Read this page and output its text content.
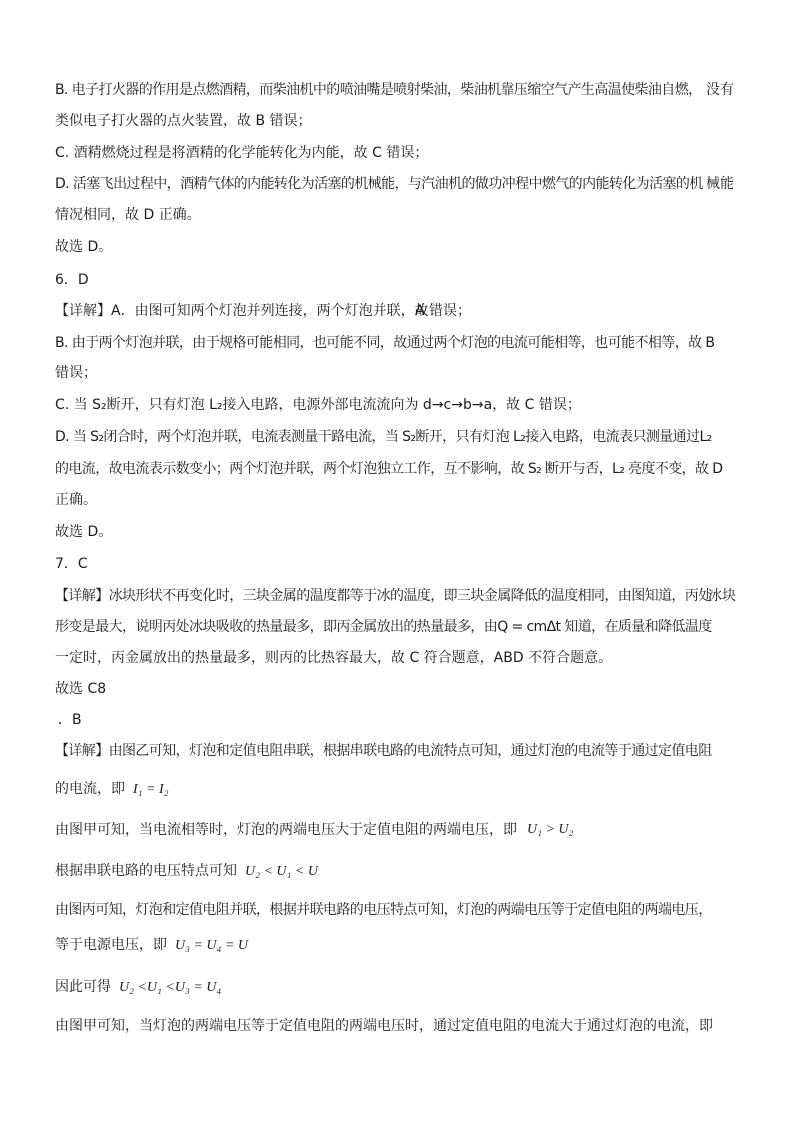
B. 电子打火器的作用是点燃酒精，而柴油机中的喷油嘴是喷射柴油，柴油机靠压缩空气产生高温使柴油自燃， 没有
类似电子打火器的点火装置，故 B 错误；
C. 酒精燃烧过程是将酒精的化学能转化为内能，故 C 错误；
D. 活塞飞出过程中，酒精气体的内能转化为活塞的机械能，与汽油机的做功冲程中燃气的内能转化为活塞的机 械能
情况相同，故 D 正确。
故选 D。
6．D
【详解】A．由图可知两个灯泡并列连接，两个灯泡并联，故
A 错误；
B. 由于两个灯泡并联，由于规格可能相同，也可能不同，故通过两个灯泡的电流可能相等，也可能不相等，故 B
错误；
C. 当 S₂断开，只有灯泡 L₂接入电路，电源外部电流流向为 d→c→b→a，故 C 错误；
D. 当 S₂闭合时，两个灯泡并联，电流表测量干路电流，当 S₂断开，只有灯泡 L₂接入电路，电流表只测量通过L₂
的电流，故电流表示数变小；两个灯泡并联，两个灯泡独立工作，互不影响，故 S₂ 断开与否，L₂ 亮度不变，故 D
正确。
故选 D。
7．C
【详解】冰块形状不再变化时，三块金属的温度都等于冰的温度，即三块金属降低的温度相同，由图知道，丙处
冰块
形变是最大，说明丙处冰块吸收的热量最多，即丙金属放出的热量最多，由Q = cmΔt 知道，在质量和降低温度
一定时，丙金属放出的热量最多，则丙的比热容最大，故 C 符合题意，ABD 不符合题意。
故选 C8
．B
【详解】由图乙可知，灯泡和定值电阻串联，根据串联电路的电流特点可知，通过灯泡的电流等于通过定值电阻
的电流，即 I₁ = I₂
由图甲可知，当电流相等时，灯泡的两端电压大于定值电阻的两端电压，即 U₁ > U₂
根据串联电路的电压特点可知 U₂ < U₁ < U
由图丙可知，灯泡和定值电阻并联，根据并联电路的电压特点可知，灯泡的两端电压等于定值电阻的两端电压，
等于电源电压，即 U₃ = U₄ = U
因此可得 U₂ <U₁ <U₃ = U₄
由图甲可知，当灯泡的两端电压等于定值电阻的两端电压时，通过定值电阻的电流大于通过灯泡的电流，即
